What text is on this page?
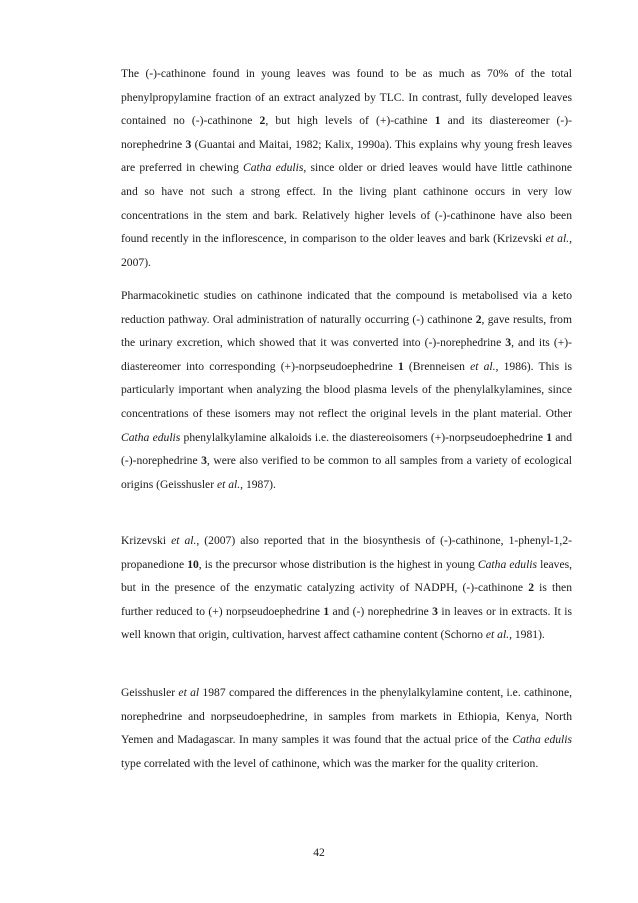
The (-)-cathinone found in young leaves was found to be as much as 70% of the total phenylpropylamine fraction of an extract analyzed by TLC. In contrast, fully developed leaves contained no (-)-cathinone 2, but high levels of (+)-cathine 1 and its diastereomer (-)-norephedrine 3 (Guantai and Maitai, 1982; Kalix, 1990a). This explains why young fresh leaves are preferred in chewing Catha edulis, since older or dried leaves would have little cathinone and so have not such a strong effect. In the living plant cathinone occurs in very low concentrations in the stem and bark. Relatively higher levels of (-)-cathinone have also been found recently in the inflorescence, in comparison to the older leaves and bark (Krizevski et al., 2007).

Pharmacokinetic studies on cathinone indicated that the compound is metabolised via a keto reduction pathway. Oral administration of naturally occurring (-) cathinone 2, gave results, from the urinary excretion, which showed that it was converted into (-)-norephedrine 3, and its (+)-diastereomer into corresponding (+)-norpseudoephedrine 1 (Brenneisen et al., 1986). This is particularly important when analyzing the blood plasma levels of the phenylalkylamines, since concentrations of these isomers may not reflect the original levels in the plant material. Other Catha edulis phenylalkylamine alkaloids i.e. the diastereoisomers (+)-norpseudoephedrine 1 and (-)-norephedrine 3, were also verified to be common to all samples from a variety of ecological origins (Geisshusler et al., 1987).

Krizevski et al., (2007) also reported that in the biosynthesis of (-)-cathinone, 1-phenyl-1,2-propanedione 10, is the precursor whose distribution is the highest in young Catha edulis leaves, but in the presence of the enzymatic catalyzing activity of NADPH, (-)-cathinone 2 is then further reduced to (+) norpseudoephedrine 1 and (-) norephedrine 3 in leaves or in extracts. It is well known that origin, cultivation, harvest affect cathamine content (Schorno et al., 1981).

Geisshusler et al 1987 compared the differences in the phenylalkylamine content, i.e. cathinone, norephedrine and norpseudoephedrine, in samples from markets in Ethiopia, Kenya, North Yemen and Madagascar. In many samples it was found that the actual price of the Catha edulis type correlated with the level of cathinone, which was the marker for the quality criterion.

42
